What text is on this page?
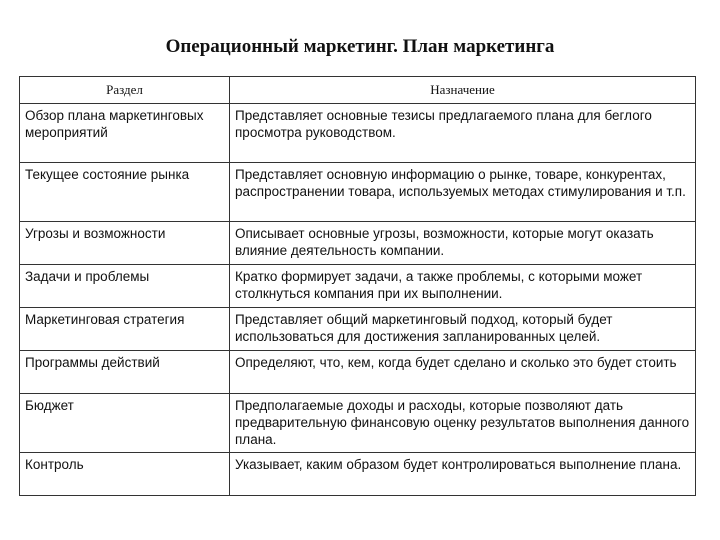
Операционный маркетинг. План маркетинга
Раздел	Назначение
Обзор плана маркетинговых мероприятий	Представляет основные тезисы предлагаемого плана для беглого просмотра руководством.
Текущее состояние рынка	Представляет основную информацию о рынке, товаре, конкурентах, распространении товара, используемых методах стимулирования и т.п.
Угрозы и возможности	Описывает основные угрозы, возможности, которые могут оказать влияние деятельность компании.
Задачи и проблемы	Кратко формирует задачи, а также проблемы, с которыми может столкнуться компания при их выполнении.
Маркетинговая стратегия	Представляет общий маркетинговый подход, который будет использоваться для достижения запланированных целей.
Программы действий	Определяют, что, кем, когда будет сделано и сколько это будет стоить
Бюджет	Предполагаемые доходы и расходы, которые позволяют дать предварительную финансовую оценку результатов выполнения данного плана.
Контроль	Указывает, каким образом будет контролироваться выполнение плана.
